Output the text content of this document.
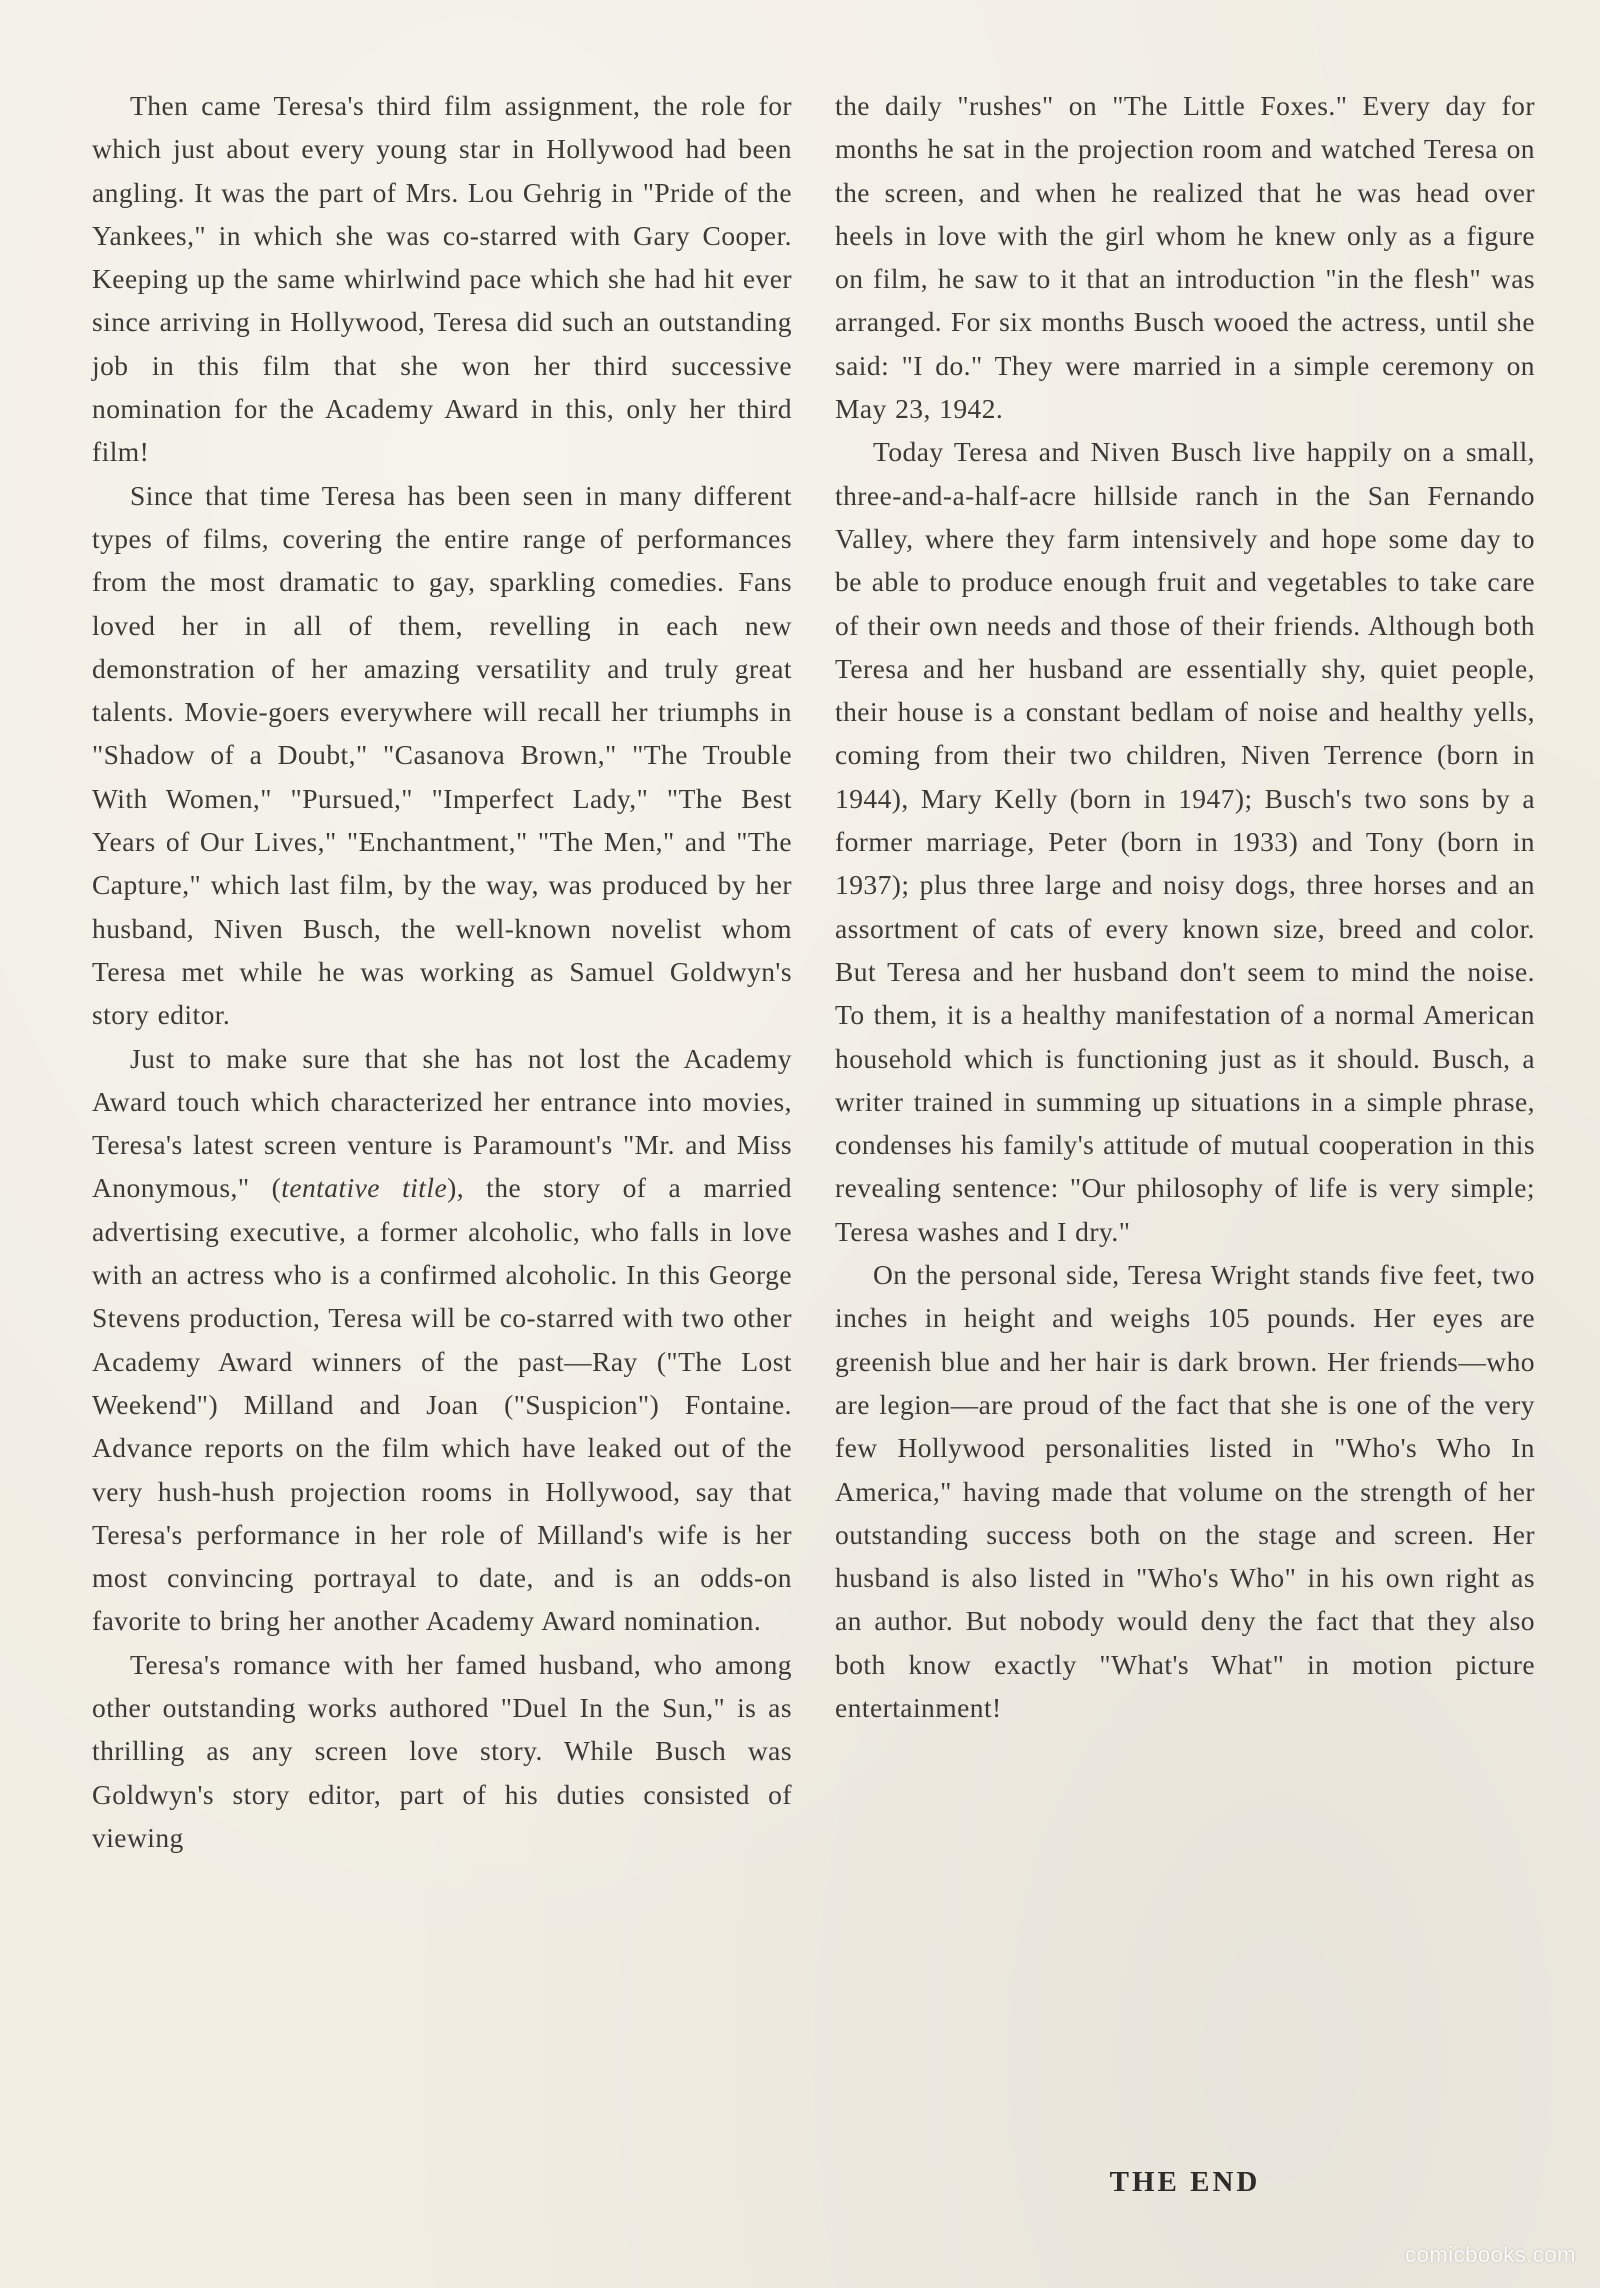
Then came Teresa's third film assignment, the role for which just about every young star in Hollywood had been angling. It was the part of Mrs. Lou Gehrig in "Pride of the Yankees," in which she was co-starred with Gary Cooper. Keeping up the same whirlwind pace which she had hit ever since arriving in Hollywood, Teresa did such an outstanding job in this film that she won her third successive nomination for the Academy Award in this, only her third film!

Since that time Teresa has been seen in many different types of films, covering the entire range of performances from the most dramatic to gay, sparkling comedies. Fans loved her in all of them, revelling in each new demonstration of her amazing versatility and truly great talents. Movie-goers everywhere will recall her triumphs in "Shadow of a Doubt," "Casanova Brown," "The Trouble With Women," "Pursued," "Imperfect Lady," "The Best Years of Our Lives," "Enchantment," "The Men," and "The Capture," which last film, by the way, was produced by her husband, Niven Busch, the well-known novelist whom Teresa met while he was working as Samuel Goldwyn's story editor.

Just to make sure that she has not lost the Academy Award touch which characterized her entrance into movies, Teresa's latest screen venture is Paramount's "Mr. and Miss Anonymous," (tentative title), the story of a married advertising executive, a former alcoholic, who falls in love with an actress who is a confirmed alcoholic. In this George Stevens production, Teresa will be co-starred with two other Academy Award winners of the past—Ray ("The Lost Weekend") Milland and Joan ("Suspicion") Fontaine. Advance reports on the film which have leaked out of the very hush-hush projection rooms in Hollywood, say that Teresa's performance in her role of Milland's wife is her most convincing portrayal to date, and is an odds-on favorite to bring her another Academy Award nomination.

Teresa's romance with her famed husband, who among other outstanding works authored "Duel In the Sun," is as thrilling as any screen love story. While Busch was Goldwyn's story editor, part of his duties consisted of viewing

the daily "rushes" on "The Little Foxes." Every day for months he sat in the projection room and watched Teresa on the screen, and when he realized that he was head over heels in love with the girl whom he knew only as a figure on film, he saw to it that an introduction "in the flesh" was arranged. For six months Busch wooed the actress, until she said: "I do." They were married in a simple ceremony on May 23, 1942.

Today Teresa and Niven Busch live happily on a small, three-and-a-half-acre hillside ranch in the San Fernando Valley, where they farm intensively and hope some day to be able to produce enough fruit and vegetables to take care of their own needs and those of their friends. Although both Teresa and her husband are essentially shy, quiet people, their house is a constant bedlam of noise and healthy yells, coming from their two children, Niven Terrence (born in 1944), Mary Kelly (born in 1947); Busch's two sons by a former marriage, Peter (born in 1933) and Tony (born in 1937); plus three large and noisy dogs, three horses and an assortment of cats of every known size, breed and color. But Teresa and her husband don't seem to mind the noise. To them, it is a healthy manifestation of a normal American household which is functioning just as it should. Busch, a writer trained in summing up situations in a simple phrase, condenses his family's attitude of mutual cooperation in this revealing sentence: "Our philosophy of life is very simple; Teresa washes and I dry."

On the personal side, Teresa Wright stands five feet, two inches in height and weighs 105 pounds. Her eyes are greenish blue and her hair is dark brown. Her friends—who are legion—are proud of the fact that she is one of the very few Hollywood personalities listed in "Who's Who In America," having made that volume on the strength of her outstanding success both on the stage and screen. Her husband is also listed in "Who's Who" in his own right as an author. But nobody would deny the fact that they also both know exactly "What's What" in motion picture entertainment!

THE END
comicbooks.com
